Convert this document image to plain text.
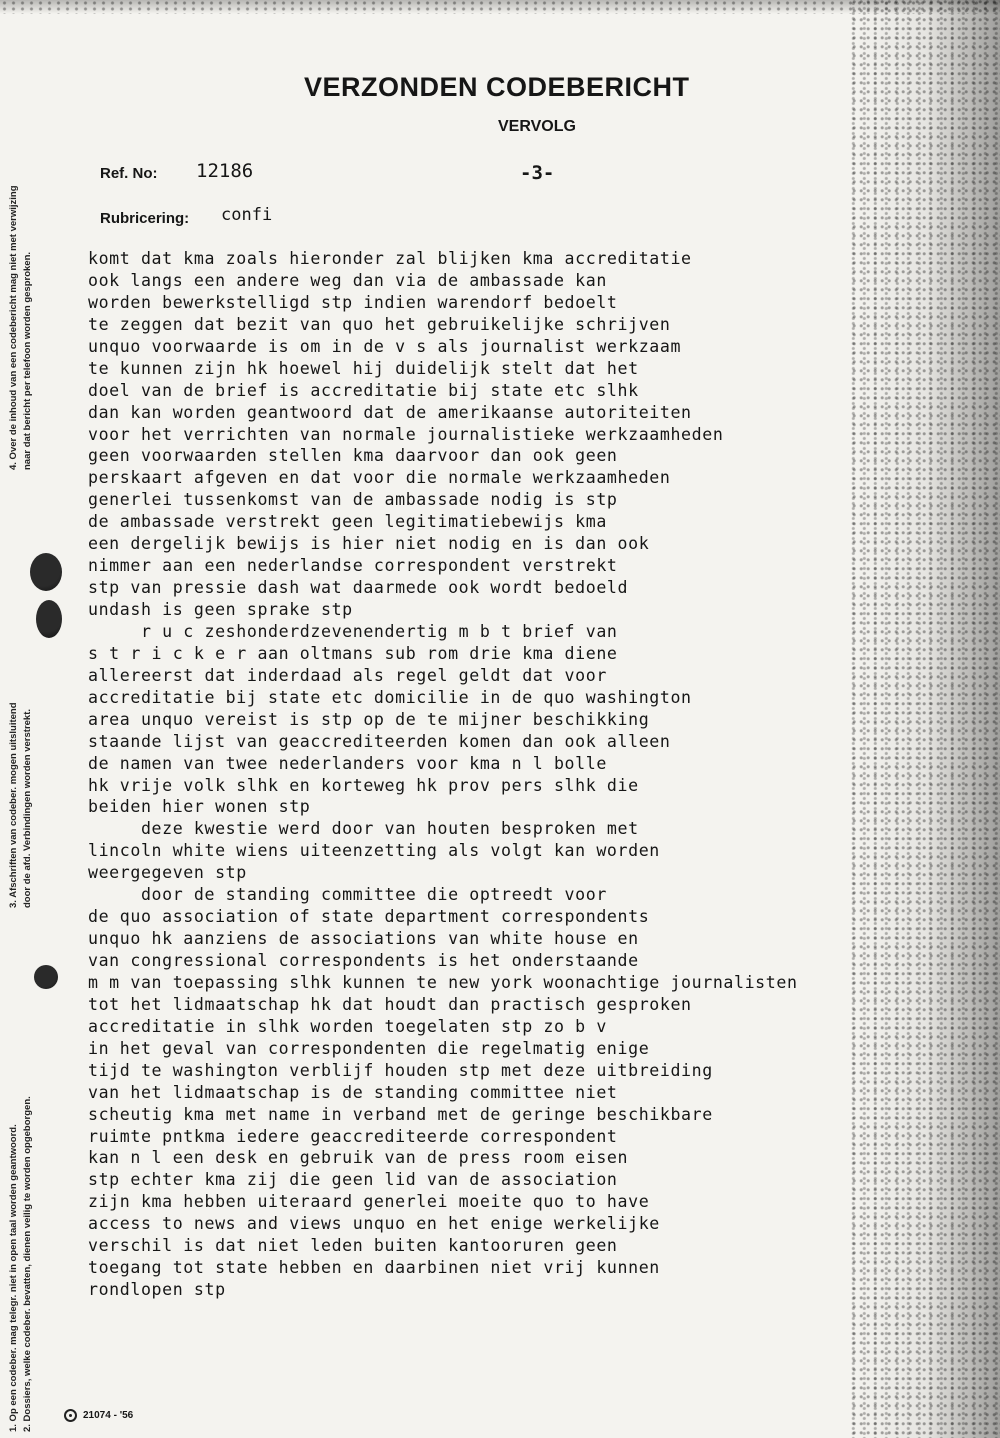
VERZONDEN CODEBERICHT
VERVOLG
Ref. No: 12186	-3-
Rubricering: confi
4. Over de inhoud van een codebericht mag niet met verwijzing naar dat bericht per telefoon worden gesproken.
3. Afschriften van codeber. mogen uitsluitend door de afd. Verbindingen worden verstrekt.
1. Op een codeber. mag telegr. niet in open taal worden geantwoord. 2. Dossiers, welke codeber. bevatten, dienen veilig te worden opgeborgen.
komt dat kma zoals hieronder zal blijken kma accreditatie
ook langs een andere weg dan via de ambassade kan
worden bewerkstelligd stp indien warendorf bedoelt
te zeggen dat bezit van quo het gebruikelijke schrijven
unquo voorwaarde is om in de v s als journalist werkzaam
te kunnen zijn hk hoewel hij duidelijk stelt dat het
doel van de brief is accreditatie bij state etc slhk
dan kan worden geantwoord dat de amerikaanse autoriteiten
voor het verrichten van normale journalistieke werkzaamheden
geen voorwaarden stellen kma daarvoor dan ook geen
perskaart afgeven en dat voor die normale werkzaamheden
generlei tussenkomst van de ambassade nodig is stp
de ambassade verstrekt geen legitimatiebewijs kma
een dergelijk bewijs is hier niet nodig en is dan ook
nimmer aan een nederlandse correspondent verstrekt
stp van pressie dash wat daarmede ook wordt bedoeld
undash is geen sprake stp
r u c zeshonderdzevenendertig m b t brief van
s t r i c k e r aan oltmans sub rom drie kma diene
allereerst dat inderdaad als regel geldt dat voor
accreditatie bij state etc domicilie in de quo washington
area unquo vereist is stp op de te mijner beschikking
staande lijst van geaccrediteerden komen dan ook alleen
de namen van twee nederlanders voor kma n l bolle
hk vrije volk slhk en korteweg hk prov pers slhk die
beiden hier wonen stp
deze kwestie werd door van houten besproken met
lincoln white wiens uiteenzetting als volgt kan worden
weergegeven stp
door de standing committee die optreedt voor
de quo association of state department correspondents
unquo hk aanziens de associations van white house en
van congressional correspondents is het onderstaande
m m van toepassing slhk kunnen te new york woonachtige journalisten
tot het lidmaatschap hk dat houdt dan practisch gesproken
accreditatie in slhk worden toegelaten stp zo b v
in het geval van correspondenten die regelmatig enige
tijd te washington verblijf houden stp met deze uitbreiding
van het lidmaatschap is de standing committee niet
scheutig kma met name in verband met de geringe beschikbare
ruimte pntkma iedere geaccrediteerde correspondent
kan n l een desk en gebruik van de press room eisen
stp echter kma zij die geen lid van de association
zijn kma hebben uiteraard generlei moeite quo to have
access to news and views unquo en het enige werkelijke
verschil is dat niet leden buiten kantooruren geen
toegang tot state hebben en daarbinen niet vrij kunnen
rondlopen stp
21074 - '56
